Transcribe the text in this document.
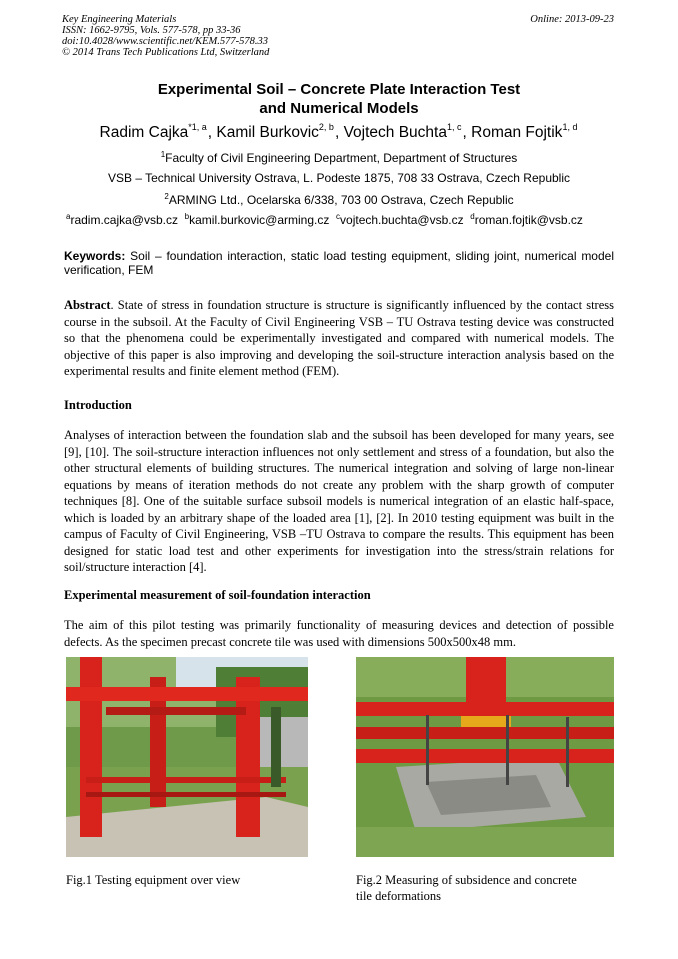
Key Engineering Materials
ISSN: 1662-9795, Vols. 577-578, pp 33-36
doi:10.4028/www.scientific.net/KEM.577-578.33
© 2014 Trans Tech Publications Ltd, Switzerland
Online: 2013-09-23
Experimental Soil – Concrete Plate Interaction Test
and Numerical Models
Radim Cajka$^{*1, a}$, Kamil Burkovic$^{2, b}$, Vojtech Buchta$^{1, c}$, Roman Fojtik$^{1, d}$
$^1$Faculty of Civil Engineering Department, Department of Structures
VSB – Technical University Ostrava, L. Podeste 1875, 708 33 Ostrava, Czech Republic
$^2$ARMING Ltd., Ocelarska 6/338, 703 00 Ostrava, Czech Republic
$^a$radim.cajka@vsb.cz $^b$kamil.burkovic@arming.cz $^c$vojtech.buchta@vsb.cz $^d$roman.fojtik@vsb.cz
Keywords: Soil – foundation interaction, static load testing equipment, sliding joint, numerical model verification, FEM
Abstract. State of stress in foundation structure is structure is significantly influenced by the contact stress course in the subsoil. At the Faculty of Civil Engineering VSB – TU Ostrava testing device was constructed so that the phenomena could be experimentally investigated and compared with numerical models. The objective of this paper is also improving and developing the soil-structure interaction analysis based on the experimental results and finite element method (FEM).
Introduction
Analyses of interaction between the foundation slab and the subsoil has been developed for many years, see [9], [10]. The soil-structure interaction influences not only settlement and stress of a foundation, but also the other structural elements of building structures. The numerical integration and solving of large non-linear equations by means of iteration methods do not create any problem with the sharp growth of computer techniques [8]. One of the suitable surface subsoil models is numerical integration of an elastic half-space, which is loaded by an arbitrary shape of the loaded area [1], [2]. In 2010 testing equipment was built in the campus of Faculty of Civil Engineering, VSB –TU Ostrava to compare the results. This equipment has been designed for static load test and other experiments for investigation into the stress/strain relations for soil/structure interaction [4].
Experimental measurement of soil-foundation interaction
The aim of this pilot testing was primarily functionality of measuring devices and detection of possible defects. As the specimen precast concrete tile was used with dimensions 500x500x48 mm.
Fig.1 Testing equipment over view	Fig.2 Measuring of subsidence and concrete
tile deformations
